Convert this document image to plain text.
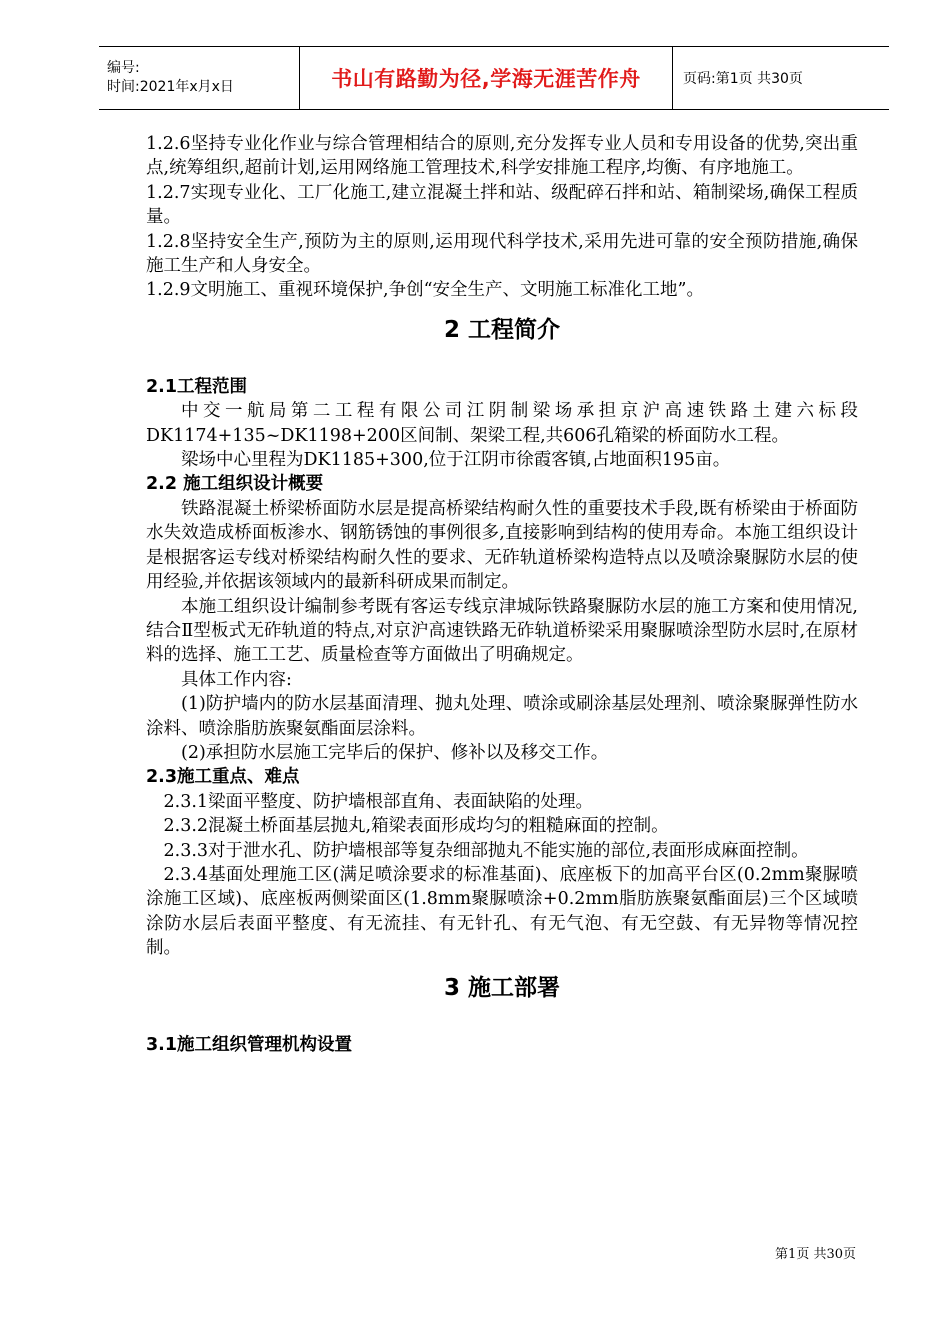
编号:
时间:2021年x月x日	书山有路勤为径,学海无涯苦作舟	页码:第1页 共30页

1.2.6坚持专业化作业与综合管理相结合的原则,充分发挥专业人员和专用设备的优势,突出重点,统筹组织,超前计划,运用网络施工管理技术,科学安排施工程序,均衡、有序地施工。

1.2.7实现专业化、工厂化施工,建立混凝土拌和站、级配碎石拌和站、箱制梁场,确保工程质量。

1.2.8坚持安全生产,预防为主的原则,运用现代科学技术,采用先进可靠的安全预防措施,确保施工生产和人身安全。

1.2.9文明施工、重视环境保护,争创“安全生产、文明施工标准化工地”。

2 工程简介
2.1工程范围

中交一航局第二工程有限公司江阴制梁场承担京沪高速铁路土建六标段DK1174+135~DK1198+200区间制、架梁工程,共606孔箱梁的桥面防水工程。

梁场中心里程为DK1185+300,位于江阴市徐霞客镇,占地面积195亩。

2.2 施工组织设计概要

铁路混凝土桥梁桥面防水层是提高桥梁结构耐久性的重要技术手段,既有桥梁由于桥面防水失效造成桥面板渗水、钢筋锈蚀的事例很多,直接影响到结构的使用寿命。本施工组织设计是根据客运专线对桥梁结构耐久性的要求、无砟轨道桥梁构造特点以及喷涂聚脲防水层的使用经验,并依据该领域内的最新科研成果而制定。

本施工组织设计编制参考既有客运专线京津城际铁路聚脲防水层的施工方案和使用情况,结合Ⅱ型板式无砟轨道的特点,对京沪高速铁路无砟轨道桥梁采用聚脲喷涂型防水层时,在原材料的选择、施工工艺、质量检查等方面做出了明确规定。

具体工作内容:

(1)防护墙内的防水层基面清理、抛丸处理、喷涂或刷涂基层处理剂、喷涂聚脲弹性防水涂料、喷涂脂肪族聚氨酯面层涂料。

(2)承担防水层施工完毕后的保护、修补以及移交工作。

2.3施工重点、难点

2.3.1梁面平整度、防护墙根部直角、表面缺陷的处理。

2.3.2混凝土桥面基层抛丸,箱梁表面形成均匀的粗糙麻面的控制。

2.3.3对于泄水孔、防护墙根部等复杂细部抛丸不能实施的部位,表面形成麻面控制。

2.3.4基面处理施工区(满足喷涂要求的标准基面)、底座板下的加高平台区(0.2mm聚脲喷涂施工区域)、底座板两侧梁面区(1.8mm聚脲喷涂+0.2mm脂肪族聚氨酯面层)三个区域喷涂防水层后表面平整度、有无流挂、有无针孔、有无气泡、有无空鼓、有无异物等情况控制。

3 施工部署
3.1施工组织管理机构设置
第1页 共30页
